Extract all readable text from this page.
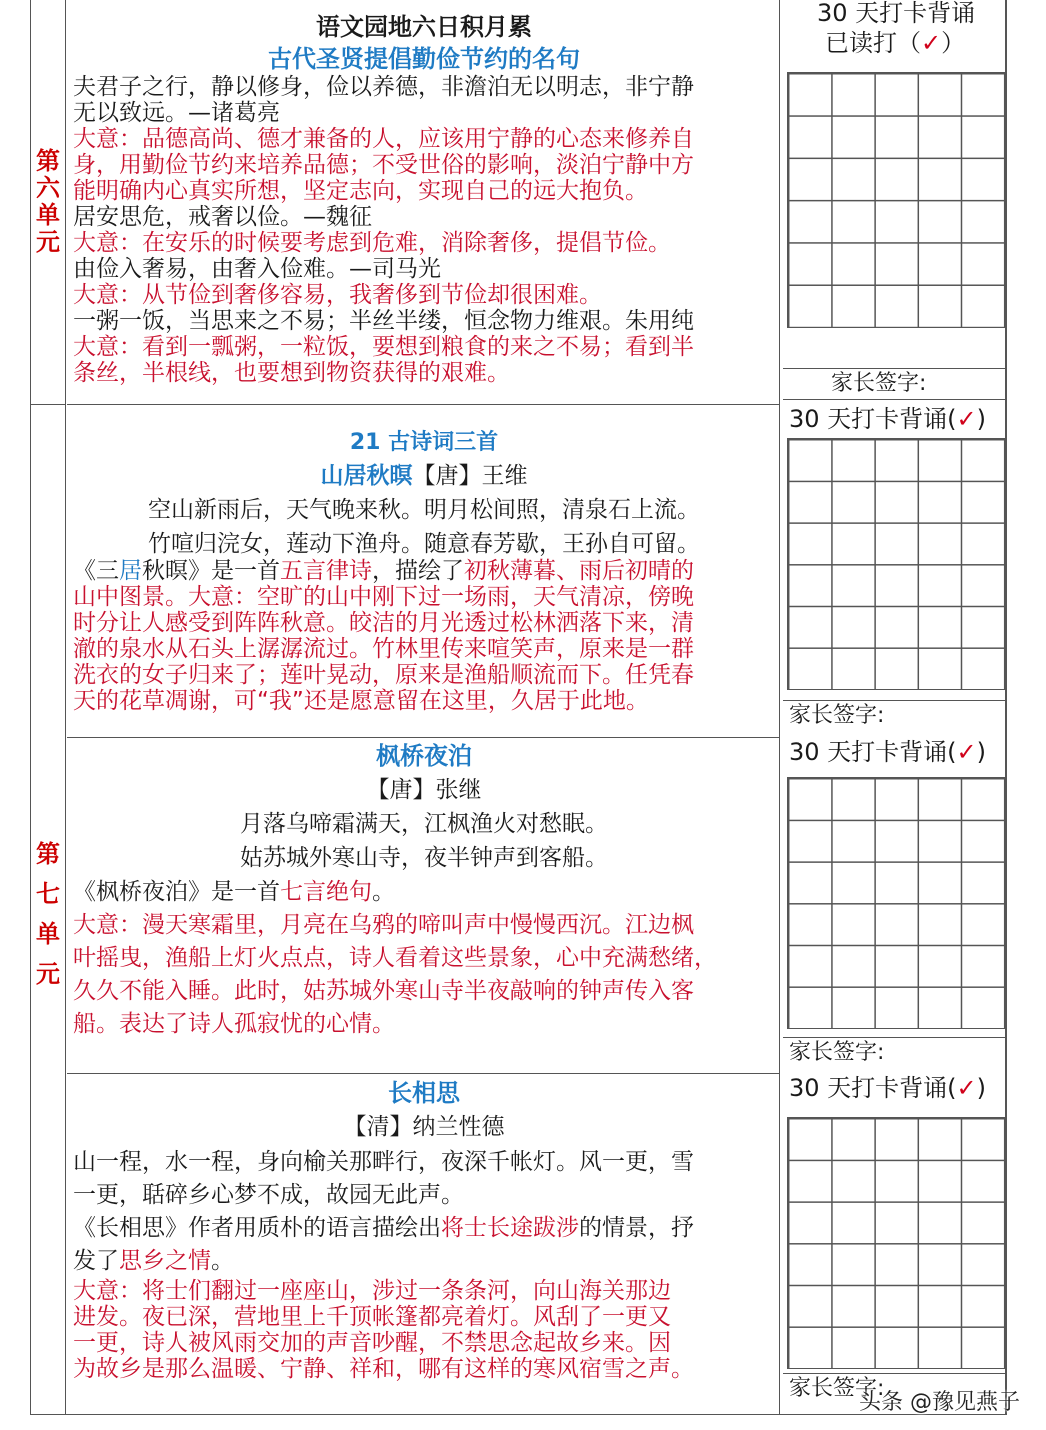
第
六
单
元
第
七
单
元
语文园地六日积月累
古代圣贤提倡勤俭节约的名句
夫君子之行，静以修身，俭以养德，非澹泊无以明志，非宁静
无以致远。—诸葛亮
大意：品德高尚、德才兼备的人，应该用宁静的心态来修养自
身，用勤俭节约来培养品德；不受世俗的影响，淡泊宁静中方
能明确内心真实所想，坚定志向，实现自己的远大抱负。
居安思危，戒奢以俭。—魏征
大意：在安乐的时候要考虑到危难，消除奢侈，提倡节俭。
由俭入奢易，由奢入俭难。—司马光
大意：从节俭到奢侈容易，我奢侈到节俭却很困难。
一粥一饭，当思来之不易；半丝半缕，恒念物力维艰。朱用纯
大意：看到一瓢粥，一粒饭，要想到粮食的来之不易；看到半
条丝，半根线，也要想到物资获得的艰难。
21 古诗词三首
山居秋暝【唐】王维
空山新雨后，天气晚来秋。明月松间照，清泉石上流。
竹喧归浣女，莲动下渔舟。随意春芳歇，王孙自可留。
《三居秋暝》是一首五言律诗，描绘了初秋薄暮、雨后初晴的
山中图景。大意：空旷的山中刚下过一场雨，天气清凉，傍晚
时分让人感受到阵阵秋意。皎洁的月光透过松林洒落下来，清
澈的泉水从石头上潺潺流过。竹林里传来喧笑声，原来是一群
洗衣的女子归来了；莲叶晃动，原来是渔船顺流而下。任凭春
天的花草凋谢，可“我”还是愿意留在这里，久居于此地。
枫桥夜泊
【唐】张继
月落乌啼霜满天，江枫渔火对愁眠。
姑苏城外寒山寺，夜半钟声到客船。
《枫桥夜泊》是一首七言绝句。
大意：漫天寒霜里，月亮在乌鸦的啼叫声中慢慢西沉。江边枫
叶摇曳，渔船上灯火点点，诗人看着这些景象，心中充满愁绪，
久久不能入睡。此时，姑苏城外寒山寺半夜敲响的钟声传入客
船。表达了诗人孤寂忧的心情。
长相思
【清】纳兰性德
山一程，水一程，身向榆关那畔行，夜深千帐灯。风一更，雪
一更，聒碎乡心梦不成，故园无此声。
《长相思》作者用质朴的语言描绘出将士长途跋涉的情景，抒
发了思乡之情。
大意：将士们翻过一座座山，涉过一条条河，向山海关那边
进发。夜已深，营地里上千顶帐篷都亮着灯。风刮了一更又
一更，诗人被风雨交加的声音吵醒，不禁思念起故乡来。因
为故乡是那么温暖、宁静、祥和，哪有这样的寒风宿雪之声。
30 天打卡背诵
已读打（✓）
家长签字:
30 天打卡背诵(✓)
家长签字:
30 天打卡背诵(✓)
家长签字:
30 天打卡背诵(✓)
家长签字:
头条 @豫见燕子
